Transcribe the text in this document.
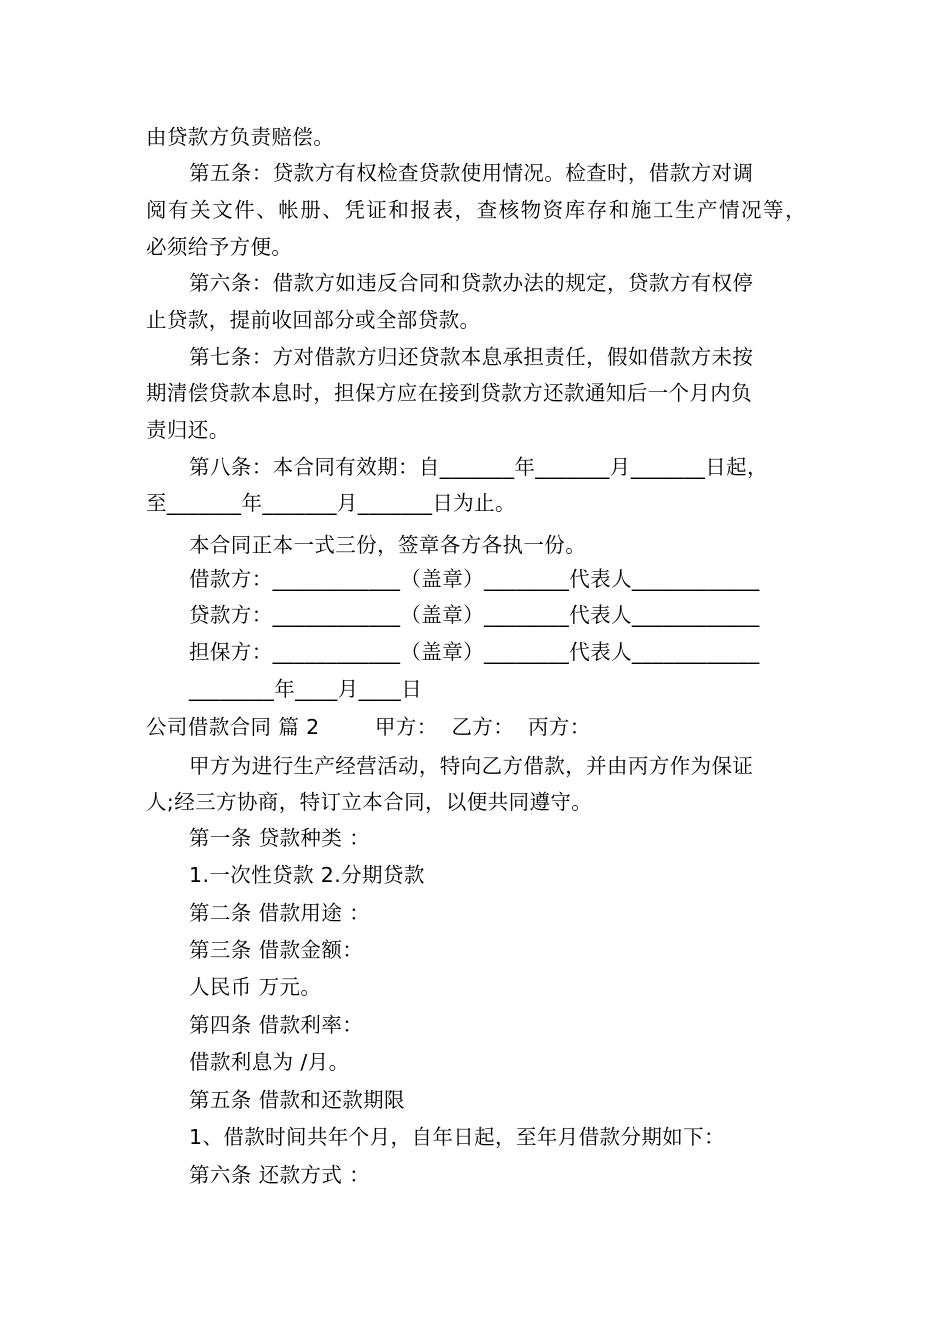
由贷款方负责赔偿。
第五条：贷款方有权检查贷款使用情况。检查时，借款方对调
阅有关文件、帐册、凭证和报表，查核物资库存和施工生产情况等，
必须给予方便。
第六条：借款方如违反合同和贷款办法的规定，贷款方有权停
止贷款，提前收回部分或全部贷款。
第七条：方对借款方归还贷款本息承担责任，假如借款方未按
期清偿贷款本息时，担保方应在接到贷款方还款通知后一个月内负
责归还。
第八条：本合同有效期：自_______年_______月_______日起，
至_______年_______月_______日为止。
本合同正本一式三份，签章各方各执一份。
借款方：____________（盖章）________代表人____________
贷款方：____________（盖章）________代表人____________
担保方：____________（盖章）________代表人____________
________年____月____日
公司借款合同 篇 2        甲方：  乙方：  丙方：
甲方为进行生产经营活动，特向乙方借款，并由丙方作为保证
人;经三方协商，特订立本合同，以便共同遵守。
第一条 贷款种类 ：
1.一次性贷款 2.分期贷款
第二条 借款用途 ：
第三条 借款金额：
人民币 万元。
第四条 借款利率：
借款利息为 /月。
第五条 借款和还款期限
1、借款时间共年个月，自年日起，至年月借款分期如下：
第六条 还款方式 ：
